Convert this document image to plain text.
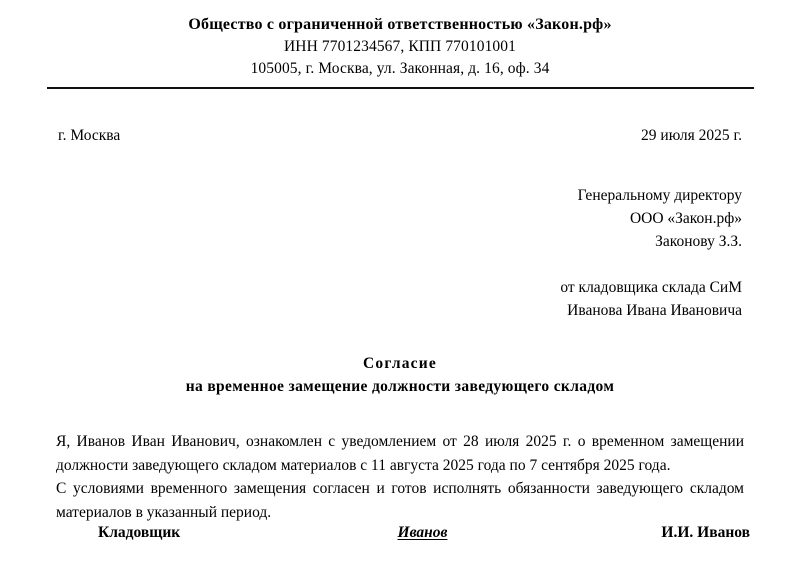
Общество с ограниченной ответственностью «Закон.рф»
ИНН 7701234567, КПП 770101001
105005, г. Москва, ул. Законная, д. 16, оф. 34
г. Москва	29 июля 2025 г.
Генеральному директору
ООО «Закон.рф»
Законову З.З.
от кладовщика склада СиМ
Иванова Ивана Ивановича
Согласие
на временное замещение должности заведующего складом

Я, Иванов Иван Иванович, ознакомлен с уведомлением от 28 июля 2025 г. о временном замещении должности заведующего складом материалов с 11 августа 2025 года по 7 сентября 2025 года.

С условиями временного замещения согласен и готов исполнять обязанности заведующего складом материалов в указанный период.

Кладовщик	Иванов	И.И. Иванов
